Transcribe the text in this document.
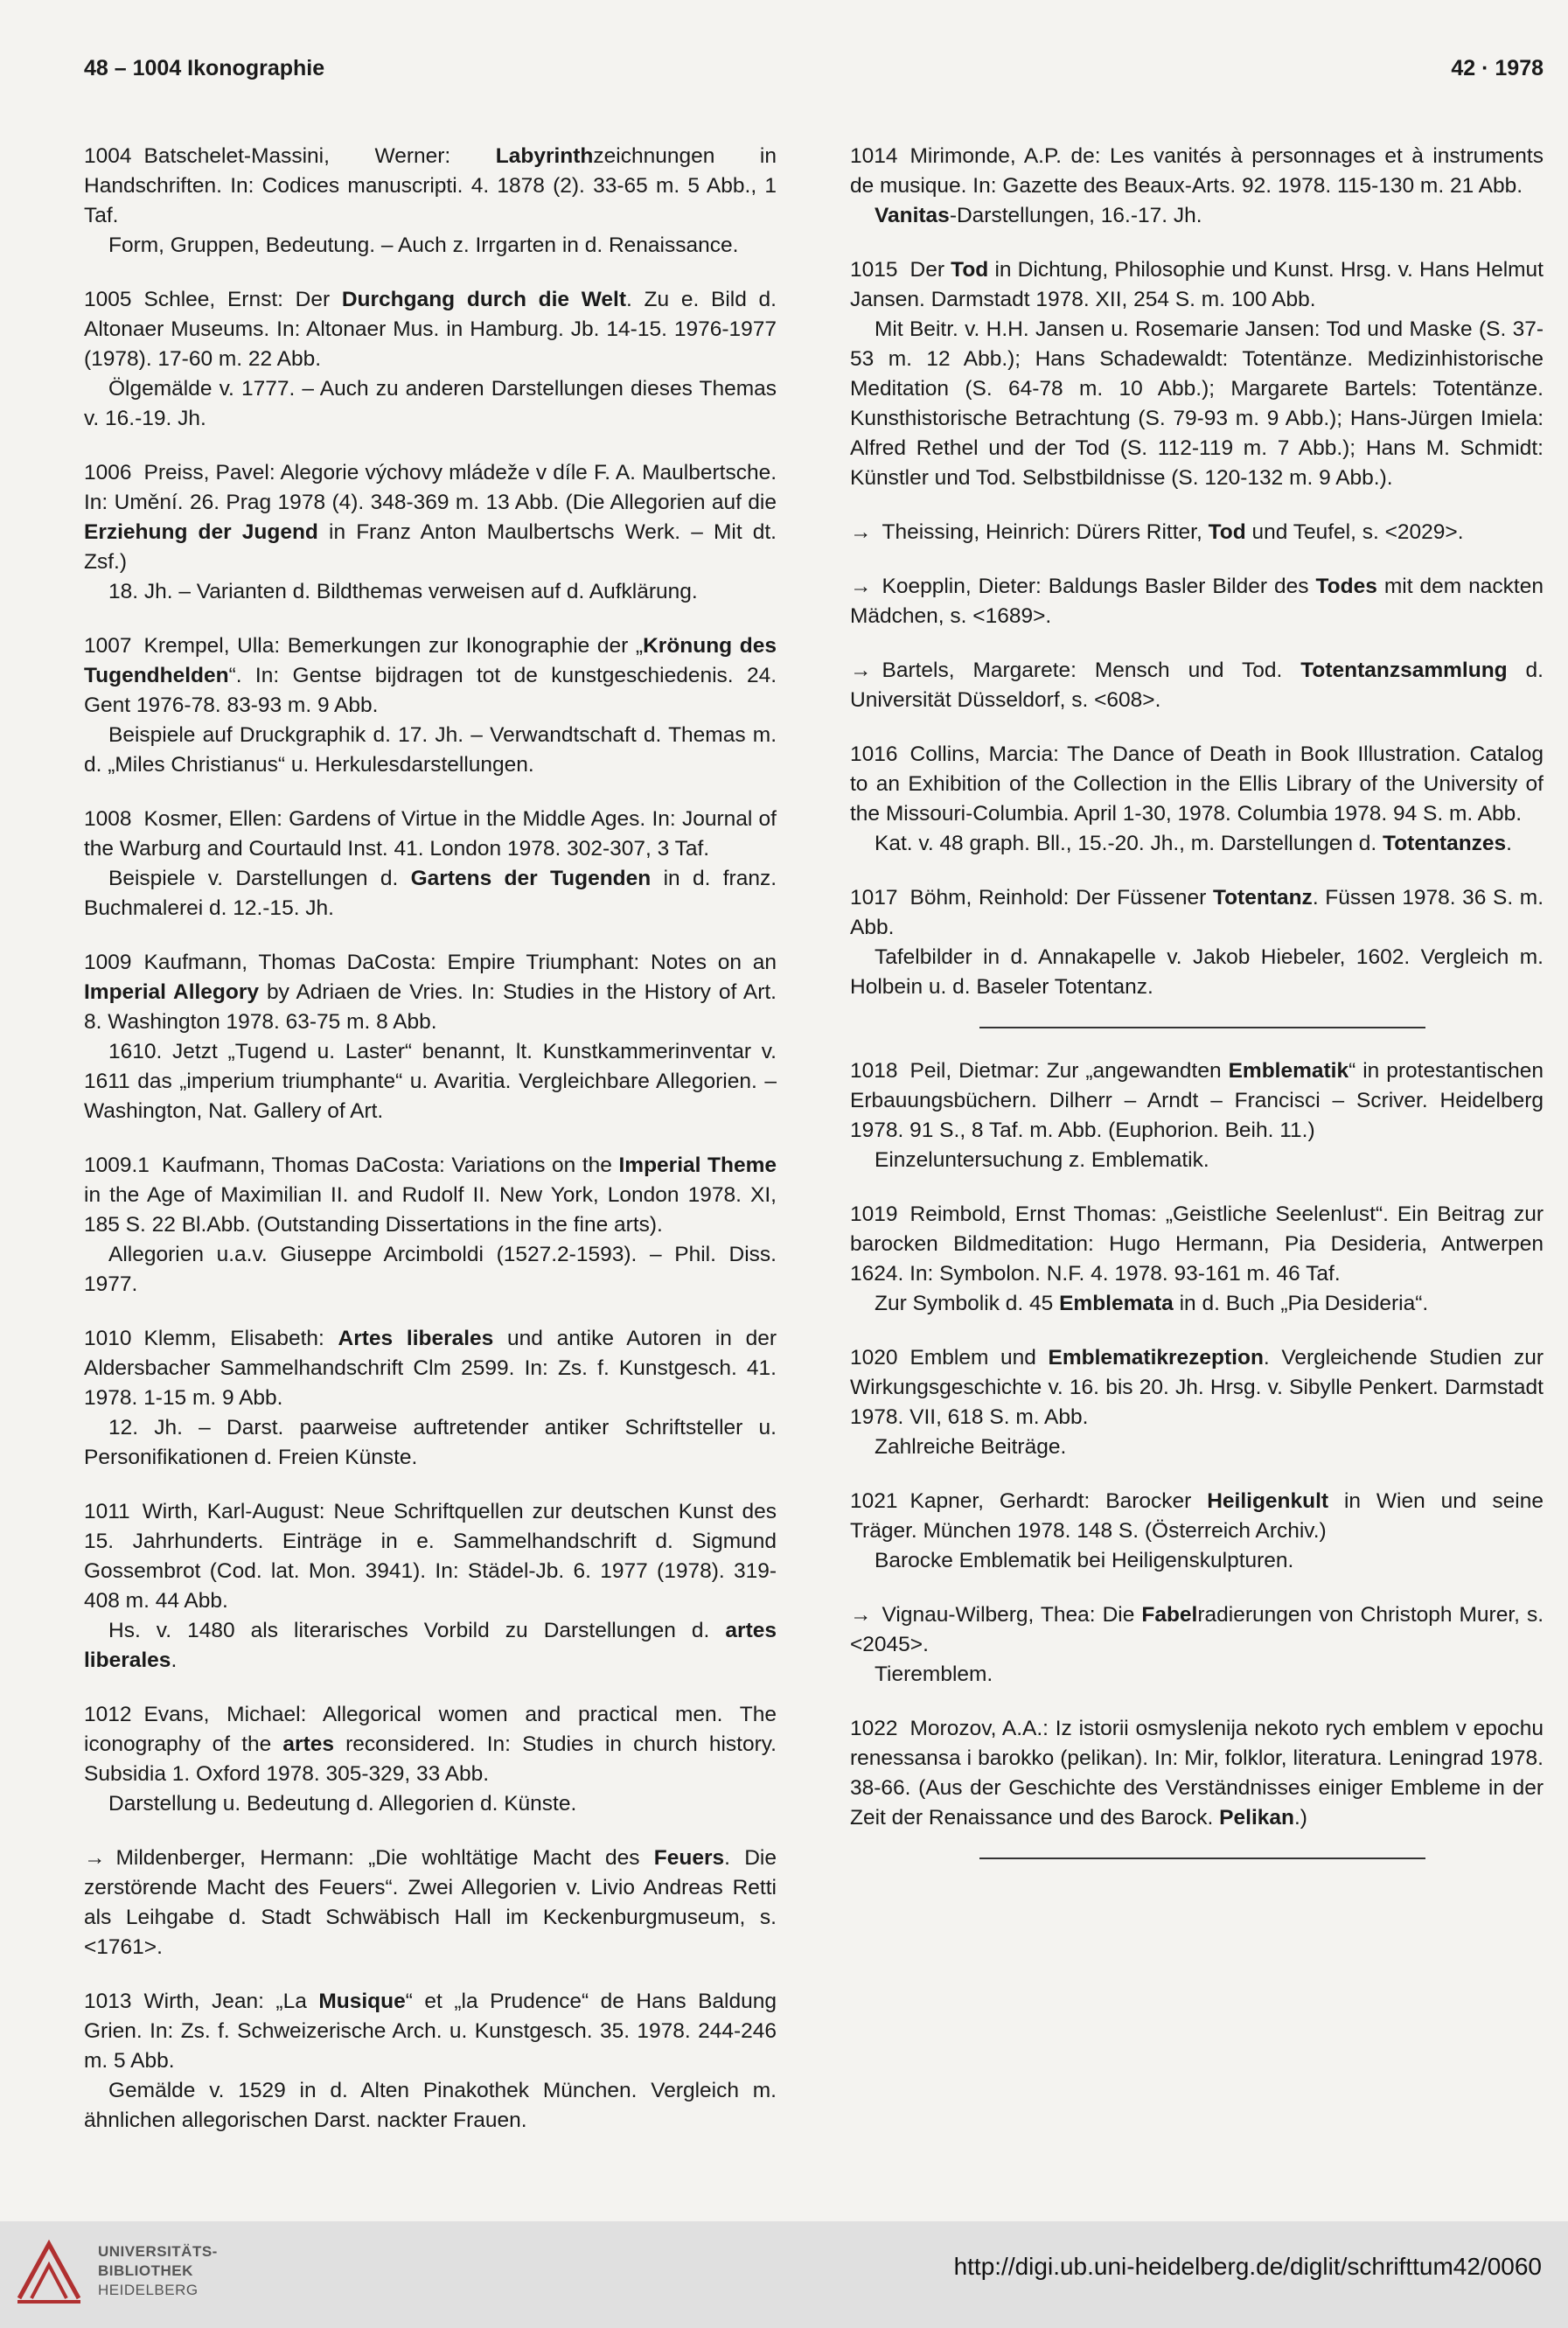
48 – 1004 Ikonographie	42 · 1978

1004 Batschelet-Massini, Werner: Labyrinthzeichnungen in Handschriften. In: Codices manuscripti. 4. 1878 (2). 33-65 m. 5 Abb., 1 Taf.

Form, Gruppen, Bedeutung. – Auch z. Irrgarten in d. Renaissance.

1005 Schlee, Ernst: Der Durchgang durch die Welt. Zu e. Bild d. Altonaer Museums. In: Altonaer Mus. in Hamburg. Jb. 14-15. 1976-1977 (1978). 17-60 m. 22 Abb.

Ölgemälde v. 1777. – Auch zu anderen Darstellungen dieses Themas v. 16.-19. Jh.

1006 Preiss, Pavel: Alegorie výchovy mládeže v díle F. A. Maulbertsche. In: Umění. 26. Prag 1978 (4). 348-369 m. 13 Abb. (Die Allegorien auf die Erziehung der Jugend in Franz Anton Maulbertschs Werk. – Mit dt. Zsf.)

18. Jh. – Varianten d. Bildthemas verweisen auf d. Aufklärung.

1007 Krempel, Ulla: Bemerkungen zur Ikonographie der „Krönung des Tugendhelden“. In: Gentse bijdragen tot de kunstgeschiedenis. 24. Gent 1976-78. 83-93 m. 9 Abb.

Beispiele auf Druckgraphik d. 17. Jh. – Verwandtschaft d. Themas m. d. „Miles Christianus“ u. Herkulesdarstellungen.

1008 Kosmer, Ellen: Gardens of Virtue in the Middle Ages. In: Journal of the Warburg and Courtauld Inst. 41. London 1978. 302-307, 3 Taf.

Beispiele v. Darstellungen d. Gartens der Tugenden in d. franz. Buchmalerei d. 12.-15. Jh.

1009 Kaufmann, Thomas DaCosta: Empire Triumphant: Notes on an Imperial Allegory by Adriaen de Vries. In: Studies in the History of Art. 8. Washington 1978. 63-75 m. 8 Abb.

1610. Jetzt „Tugend u. Laster“ benannt, lt. Kunstkammerinventar v. 1611 das „imperium triumphante“ u. Avaritia. Vergleichbare Allegorien. – Washington, Nat. Gallery of Art.

1009.1 Kaufmann, Thomas DaCosta: Variations on the Imperial Theme in the Age of Maximilian II. and Rudolf II. New York, London 1978. XI, 185 S. 22 Bl.Abb. (Outstanding Dissertations in the fine arts).

Allegorien u.a.v. Giuseppe Arcimboldi (1527.2-1593). – Phil. Diss. 1977.

1010 Klemm, Elisabeth: Artes liberales und antike Autoren in der Aldersbacher Sammelhandschrift Clm 2599. In: Zs. f. Kunstgesch. 41. 1978. 1-15 m. 9 Abb.

12. Jh. – Darst. paarweise auftretender antiker Schriftsteller u. Personifikationen d. Freien Künste.

1011 Wirth, Karl-August: Neue Schriftquellen zur deutschen Kunst des 15. Jahrhunderts. Einträge in e. Sammelhandschrift d. Sigmund Gossembrot (Cod. lat. Mon. 3941). In: Städel-Jb. 6. 1977 (1978). 319-408 m. 44 Abb.

Hs. v. 1480 als literarisches Vorbild zu Darstellungen d. artes liberales.

1012 Evans, Michael: Allegorical women and practical men. The iconography of the artes reconsidered. In: Studies in church history. Subsidia 1. Oxford 1978. 305-329, 33 Abb.

Darstellung u. Bedeutung d. Allegorien d. Künste.

→ Mildenberger, Hermann: „Die wohltätige Macht des Feuers. Die zerstörende Macht des Feuers“. Zwei Allegorien v. Livio Andreas Retti als Leihgabe d. Stadt Schwäbisch Hall im Keckenburgmuseum, s. <1761>.

1013 Wirth, Jean: „La Musique“ et „la Prudence“ de Hans Baldung Grien. In: Zs. f. Schweizerische Arch. u. Kunstgesch. 35. 1978. 244-246 m. 5 Abb.

Gemälde v. 1529 in d. Alten Pinakothek München. Vergleich m. ähnlichen allegorischen Darst. nackter Frauen.

1014 Mirimonde, A.P. de: Les vanités à personnages et à instruments de musique. In: Gazette des Beaux-Arts. 92. 1978. 115-130 m. 21 Abb.

Vanitas-Darstellungen, 16.-17. Jh.

1015 Der Tod in Dichtung, Philosophie und Kunst. Hrsg. v. Hans Helmut Jansen. Darmstadt 1978. XII, 254 S. m. 100 Abb.

Mit Beitr. v. H.H. Jansen u. Rosemarie Jansen: Tod und Maske (S. 37-53 m. 12 Abb.); Hans Schadewaldt: Totentänze. Medizinhistorische Meditation (S. 64-78 m. 10 Abb.); Margarete Bartels: Totentänze. Kunsthistorische Betrachtung (S. 79-93 m. 9 Abb.); Hans-Jürgen Imiela: Alfred Rethel und der Tod (S. 112-119 m. 7 Abb.); Hans M. Schmidt: Künstler und Tod. Selbstbildnisse (S. 120-132 m. 9 Abb.).

→ Theissing, Heinrich: Dürers Ritter, Tod und Teufel, s. <2029>.

→ Koepplin, Dieter: Baldungs Basler Bilder des Todes mit dem nackten Mädchen, s. <1689>.

→ Bartels, Margarete: Mensch und Tod. Totentanzsammlung d. Universität Düsseldorf, s. <608>.

1016 Collins, Marcia: The Dance of Death in Book Illustration. Catalog to an Exhibition of the Collection in the Ellis Library of the University of the Missouri-Columbia. April 1-30, 1978. Columbia 1978. 94 S. m. Abb.

Kat. v. 48 graph. Bll., 15.-20. Jh., m. Darstellungen d. Totentanzes.

1017 Böhm, Reinhold: Der Füssener Totentanz. Füssen 1978. 36 S. m. Abb.

Tafelbilder in d. Annakapelle v. Jakob Hiebeler, 1602. Vergleich m. Holbein u. d. Baseler Totentanz.

1018 Peil, Dietmar: Zur „angewandten Emblematik“ in protestantischen Erbauungsbüchern. Dilherr – Arndt – Francisci – Scriver. Heidelberg 1978. 91 S., 8 Taf. m. Abb. (Euphorion. Beih. 11.)

Einzeluntersuchung z. Emblematik.

1019 Reimbold, Ernst Thomas: „Geistliche Seelenlust“. Ein Beitrag zur barocken Bildmeditation: Hugo Hermann, Pia Desideria, Antwerpen 1624. In: Symbolon. N.F. 4. 1978. 93-161 m. 46 Taf.

Zur Symbolik d. 45 Emblemata in d. Buch „Pia Desideria“.

1020 Emblem und Emblematikrezeption. Vergleichende Studien zur Wirkungsgeschichte v. 16. bis 20. Jh. Hrsg. v. Sibylle Penkert. Darmstadt 1978. VII, 618 S. m. Abb.

Zahlreiche Beiträge.

1021 Kapner, Gerhardt: Barocker Heiligenkult in Wien und seine Träger. München 1978. 148 S. (Österreich Archiv.)

Barocke Emblematik bei Heiligenskulpturen.

→ Vignau-Wilberg, Thea: Die Fabelradierungen von Christoph Murer, s. <2045>.

Tieremblem.

1022 Morozov, A.A.: Iz istorii osmyslenija nekoto rych emblem v epochu renessansa i barokko (pelikan). In: Mir, folklor, literatura. Leningrad 1978. 38-66. (Aus der Geschichte des Verständnisses einiger Embleme in der Zeit der Renaissance und des Barock. Pelikan.)

UNIVERSITÄTS-
BIBLIOTHEK
HEIDELBERG
http://digi.ub.uni-heidelberg.de/diglit/schrifttum42/0060
